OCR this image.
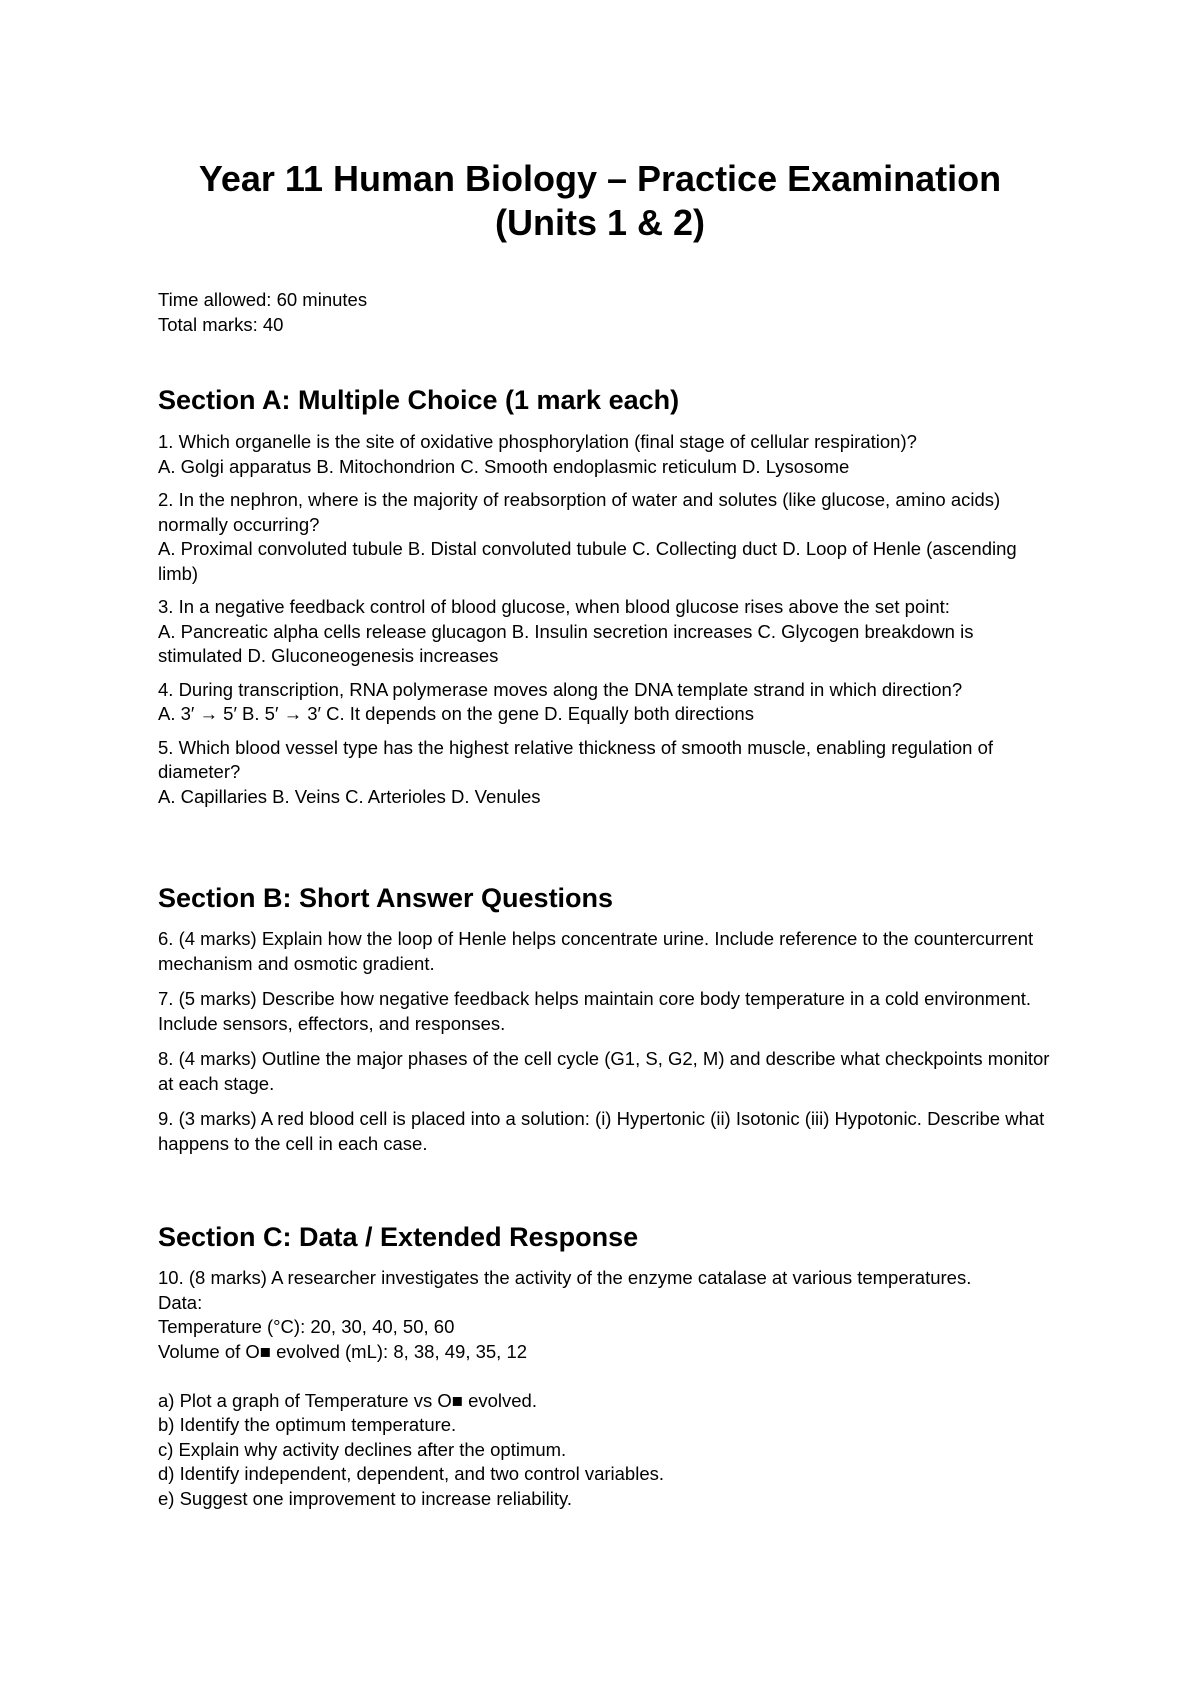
Year 11 Human Biology – Practice Examination
(Units 1 & 2)
Time allowed: 60 minutes
Total marks: 40
Section A: Multiple Choice (1 mark each)

1. Which organelle is the site of oxidative phosphorylation (final stage of cellular respiration)?

A. Golgi apparatus B. Mitochondrion C. Smooth endoplasmic reticulum D. Lysosome

2. In the nephron, where is the majority of reabsorption of water and solutes (like glucose, amino acids) normally occurring?

A. Proximal convoluted tubule B. Distal convoluted tubule C. Collecting duct D. Loop of Henle (ascending limb)

3. In a negative feedback control of blood glucose, when blood glucose rises above the set point:

A. Pancreatic alpha cells release glucagon B. Insulin secretion increases C. Glycogen breakdown is stimulated D. Gluconeogenesis increases

4. During transcription, RNA polymerase moves along the DNA template strand in which direction?

A. 3′ → 5′ B. 5′ → 3′ C. It depends on the gene D. Equally both directions

5. Which blood vessel type has the highest relative thickness of smooth muscle, enabling regulation of diameter?

A. Capillaries B. Veins C. Arterioles D. Venules

Section B: Short Answer Questions

6. (4 marks) Explain how the loop of Henle helps concentrate urine. Include reference to the countercurrent mechanism and osmotic gradient.

7. (5 marks) Describe how negative feedback helps maintain core body temperature in a cold environment. Include sensors, effectors, and responses.

8. (4 marks) Outline the major phases of the cell cycle (G1, S, G2, M) and describe what checkpoints monitor at each stage.

9. (3 marks) A red blood cell is placed into a solution: (i) Hypertonic (ii) Isotonic (iii) Hypotonic. Describe what happens to the cell in each case.

Section C: Data / Extended Response
10. (8 marks) A researcher investigates the activity of the enzyme catalase at various temperatures.
Data:
Temperature (°C): 20, 30, 40, 50, 60
Volume of O■ evolved (mL): 8, 38, 49, 35, 12
a) Plot a graph of Temperature vs O■ evolved.
b) Identify the optimum temperature.
c) Explain why activity declines after the optimum.
d) Identify independent, dependent, and two control variables.
e) Suggest one improvement to increase reliability.
